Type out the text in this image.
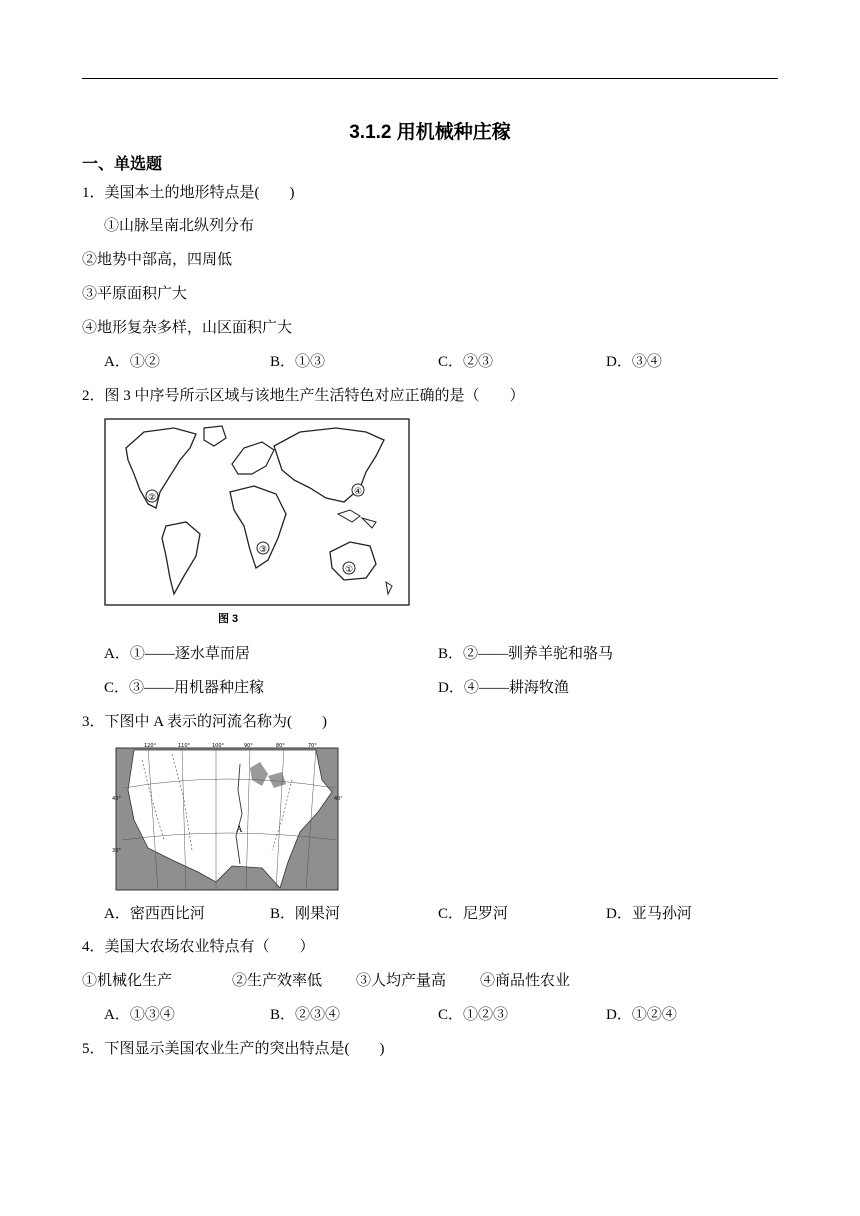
3.1.2 用机械种庄稼
一、单选题
1．美国本土的地形特点是(　　)
①山脉呈南北纵列分布
②地势中部高，四周低
③平原面积广大
④地形复杂多样，山区面积广大
A．①②	B．①③	C．②③	D．③④
2．图 3 中序号所示区域与该地生产生活特色对应正确的是（　　）
①
②
③
④
图 3
A．①——逐水草而居	B．②——驯养羊驼和骆马
C．③——用机器种庄稼	D．④——耕海牧渔
3．下图中 A 表示的河流名称为(　　)
A
120°	110°	100°	90°	80°	70°
40°
30°
40°
A．密西西比河	B．刚果河	C．尼罗河	D．亚马孙河
4．美国大农场农业特点有（　　）
①机械化生产	②生产效率低 ③人均产量高 ④商品性农业
A．①③④	B．②③④	C．①②③	D．①②④
5．下图显示美国农业生产的突出特点是(　　)
